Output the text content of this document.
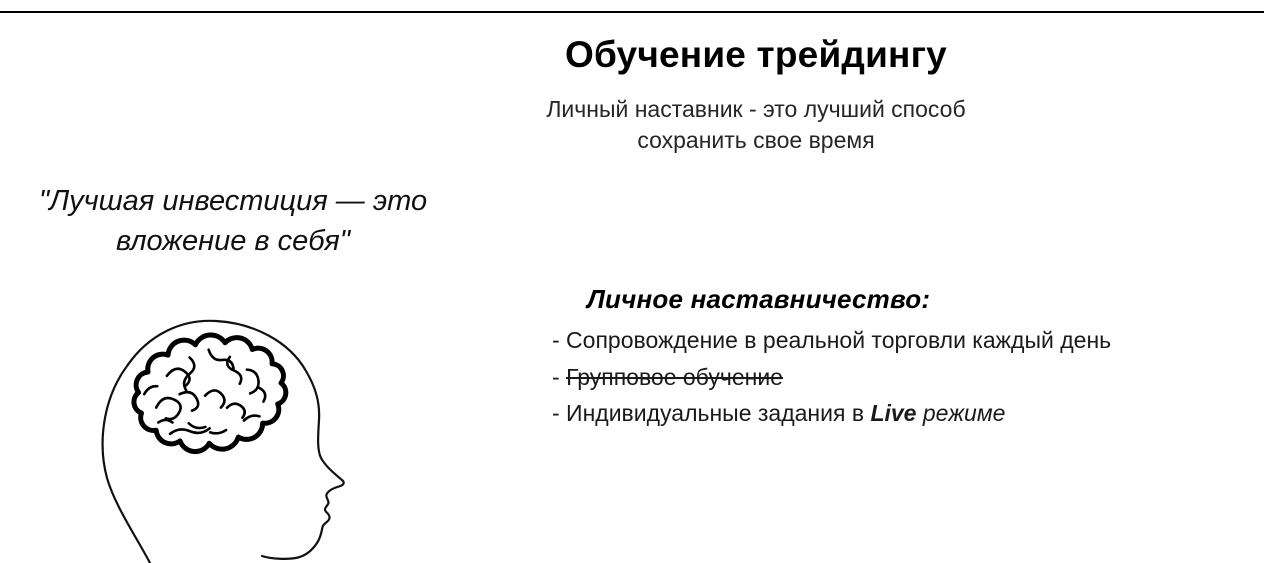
Обучение трейдингу
Личный наставник - это лучший способ
сохранить свое время
"Лучшая инвестиция — это
вложение в себя"
Личное наставничество:
- Сопровождение в реальной торговли каждый день
- Групповое обучение
- Индивидуальные задания в Live режиме
